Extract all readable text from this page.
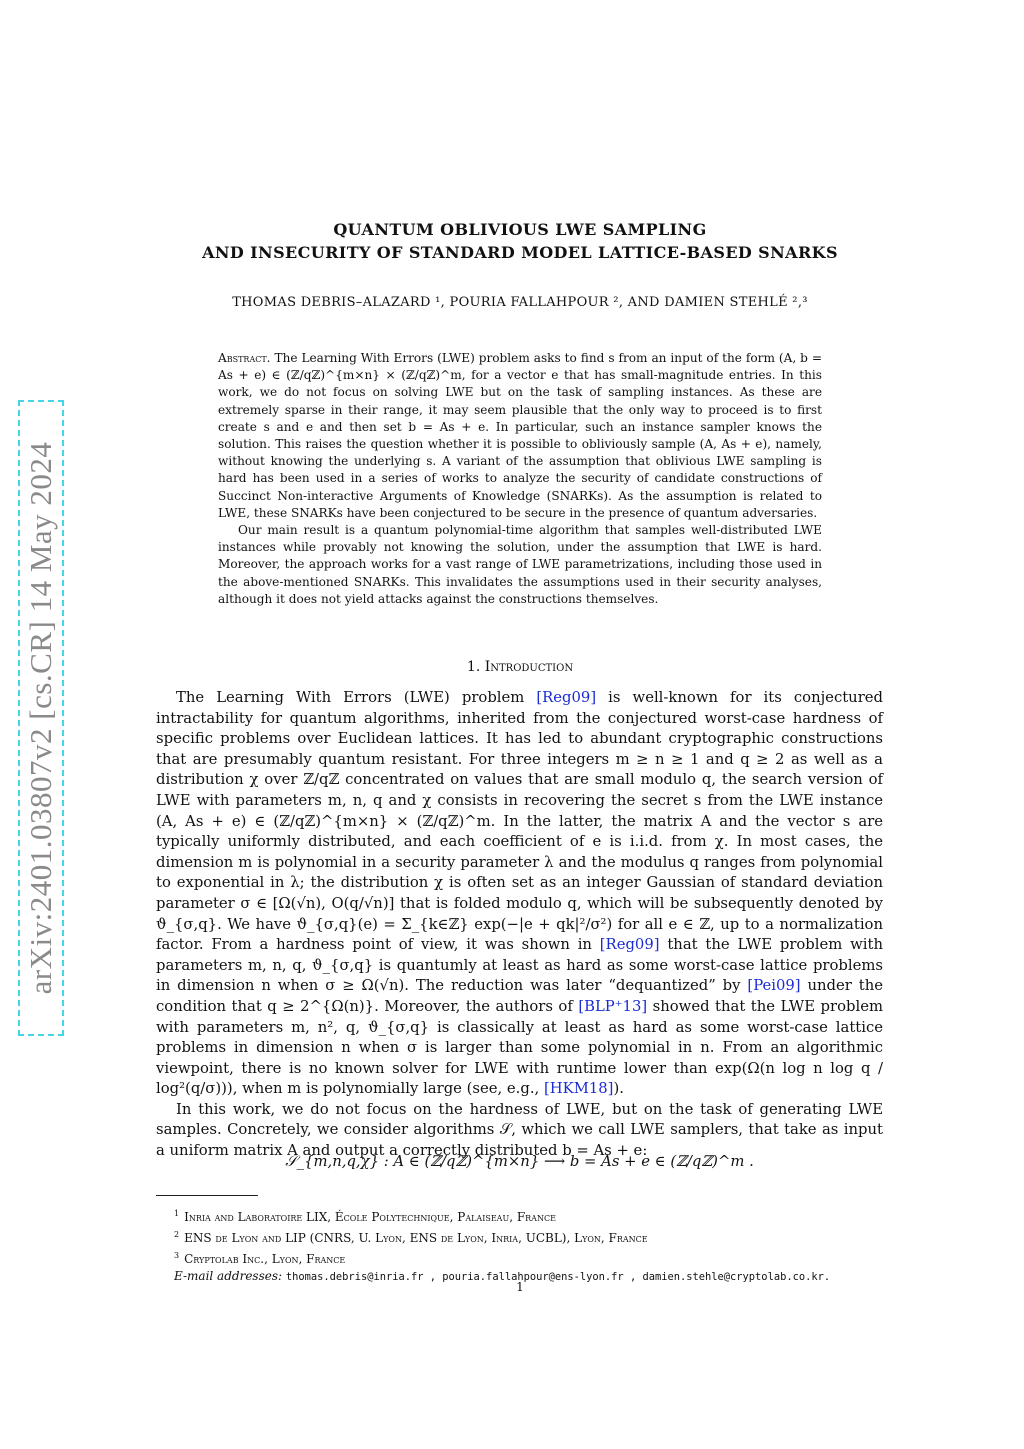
arXiv:2401.03807v2 [cs.CR] 14 May 2024
QUANTUM OBLIVIOUS LWE SAMPLING
AND INSECURITY OF STANDARD MODEL LATTICE-BASED SNARKS
THOMAS DEBRIS–ALAZARD ¹, POURIA FALLAHPOUR ², AND DAMIEN STEHLÉ ²,³

Abstract. The Learning With Errors (LWE) problem asks to find s from an input of the form (A, b = As + e) ∈ (ℤ/qℤ)^{m×n} × (ℤ/qℤ)^m, for a vector e that has small-magnitude entries. In this work, we do not focus on solving LWE but on the task of sampling instances. As these are extremely sparse in their range, it may seem plausible that the only way to proceed is to first create s and e and then set b = As + e. In particular, such an instance sampler knows the solution. This raises the question whether it is possible to obliviously sample (A, As + e), namely, without knowing the underlying s. A variant of the assumption that oblivious LWE sampling is hard has been used in a series of works to analyze the security of candidate constructions of Succinct Non-interactive Arguments of Knowledge (SNARKs). As the assumption is related to LWE, these SNARKs have been conjectured to be secure in the presence of quantum adversaries.

Our main result is a quantum polynomial-time algorithm that samples well-distributed LWE instances while provably not knowing the solution, under the assumption that LWE is hard. Moreover, the approach works for a vast range of LWE parametrizations, including those used in the above-mentioned SNARKs. This invalidates the assumptions used in their security analyses, although it does not yield attacks against the constructions themselves.

1. Introduction

The Learning With Errors (LWE) problem [Reg09] is well-known for its conjectured intractability for quantum algorithms, inherited from the conjectured worst-case hardness of specific problems over Euclidean lattices. It has led to abundant cryptographic constructions that are presumably quantum resistant. For three integers m ≥ n ≥ 1 and q ≥ 2 as well as a distribution χ over ℤ/qℤ concentrated on values that are small modulo q, the search version of LWE with parameters m, n, q and χ consists in recovering the secret s from the LWE instance (A, As + e) ∈ (ℤ/qℤ)^{m×n} × (ℤ/qℤ)^m. In the latter, the matrix A and the vector s are typically uniformly distributed, and each coefficient of e is i.i.d. from χ. In most cases, the dimension m is polynomial in a security parameter λ and the modulus q ranges from polynomial to exponential in λ; the distribution χ is often set as an integer Gaussian of standard deviation parameter σ ∈ [Ω(√n), O(q/√n)] that is folded modulo q, which will be subsequently denoted by ϑ_{σ,q}. We have ϑ_{σ,q}(e) = Σ_{k∈ℤ} exp(−|e + qk|²/σ²) for all e ∈ ℤ, up to a normalization factor. From a hardness point of view, it was shown in [Reg09] that the LWE problem with parameters m, n, q, ϑ_{σ,q} is quantumly at least as hard as some worst-case lattice problems in dimension n when σ ≥ Ω(√n). The reduction was later “dequantized” by [Pei09] under the condition that q ≥ 2^{Ω(n)}. Moreover, the authors of [BLP⁺13] showed that the LWE problem with parameters m, n², q, ϑ_{σ,q} is classically at least as hard as some worst-case lattice problems in dimension n when σ is larger than some polynomial in n. From an algorithmic viewpoint, there is no known solver for LWE with runtime lower than exp(Ω(n log n log q / log²(q/σ))), when m is polynomially large (see, e.g., [HKM18]).

In this work, we do not focus on the hardness of LWE, but on the task of generating LWE samples. Concretely, we consider algorithms 𝒮, which we call LWE samplers, that take as input a uniform matrix A and output a correctly distributed b = As + e:

𝒮_{m,n,q,χ} : A ∈ (ℤ/qℤ)^{m×n} ⟶ b = As + e ∈ (ℤ/qℤ)^m .
$^1$ Inria and Laboratoire LIX, École Polytechnique, Palaiseau, France
$^2$ ENS de Lyon and LIP (CNRS, U. Lyon, ENS de Lyon, Inria, UCBL), Lyon, France
$^3$ Cryptolab Inc., Lyon, France
E-mail addresses: thomas.debris@inria.fr , pouria.fallahpour@ens-lyon.fr , damien.stehle@cryptolab.co.kr.
1
